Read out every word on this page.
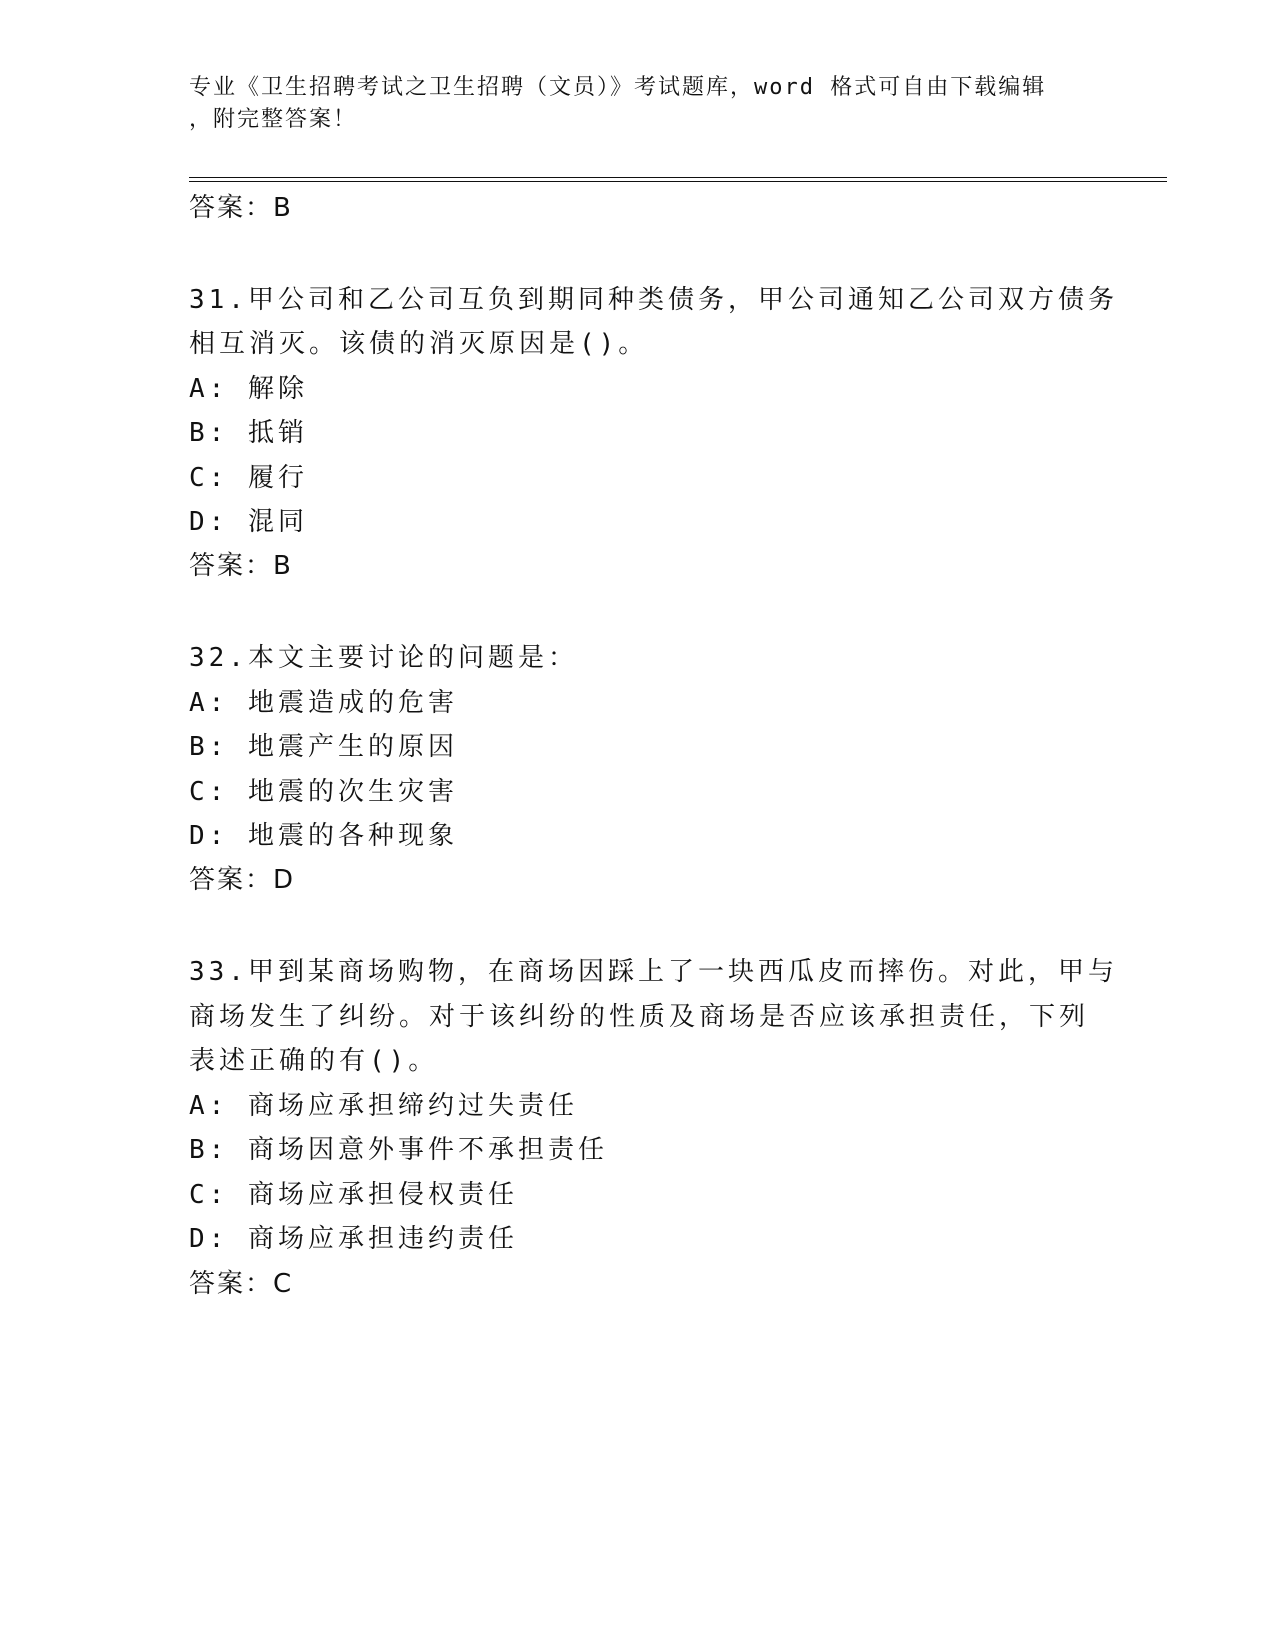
专业《卫生招聘考试之卫生招聘（文员）》考试题库，word 格式可自由下载编辑
，附完整答案！
答案：B
31.甲公司和乙公司互负到期同种类债务，甲公司通知乙公司双方债务
相互消灭。该债的消灭原因是()。
A: 解除
B: 抵销
C: 履行
D: 混同
答案：B
32.本文主要讨论的问题是：
A: 地震造成的危害
B: 地震产生的原因
C: 地震的次生灾害
D: 地震的各种现象
答案：D
33.甲到某商场购物，在商场因踩上了一块西瓜皮而摔伤。对此，甲与
商场发生了纠纷。对于该纠纷的性质及商场是否应该承担责任，下列
表述正确的有()。
A: 商场应承担缔约过失责任
B: 商场因意外事件不承担责任
C: 商场应承担侵权责任
D: 商场应承担违约责任
答案：C
